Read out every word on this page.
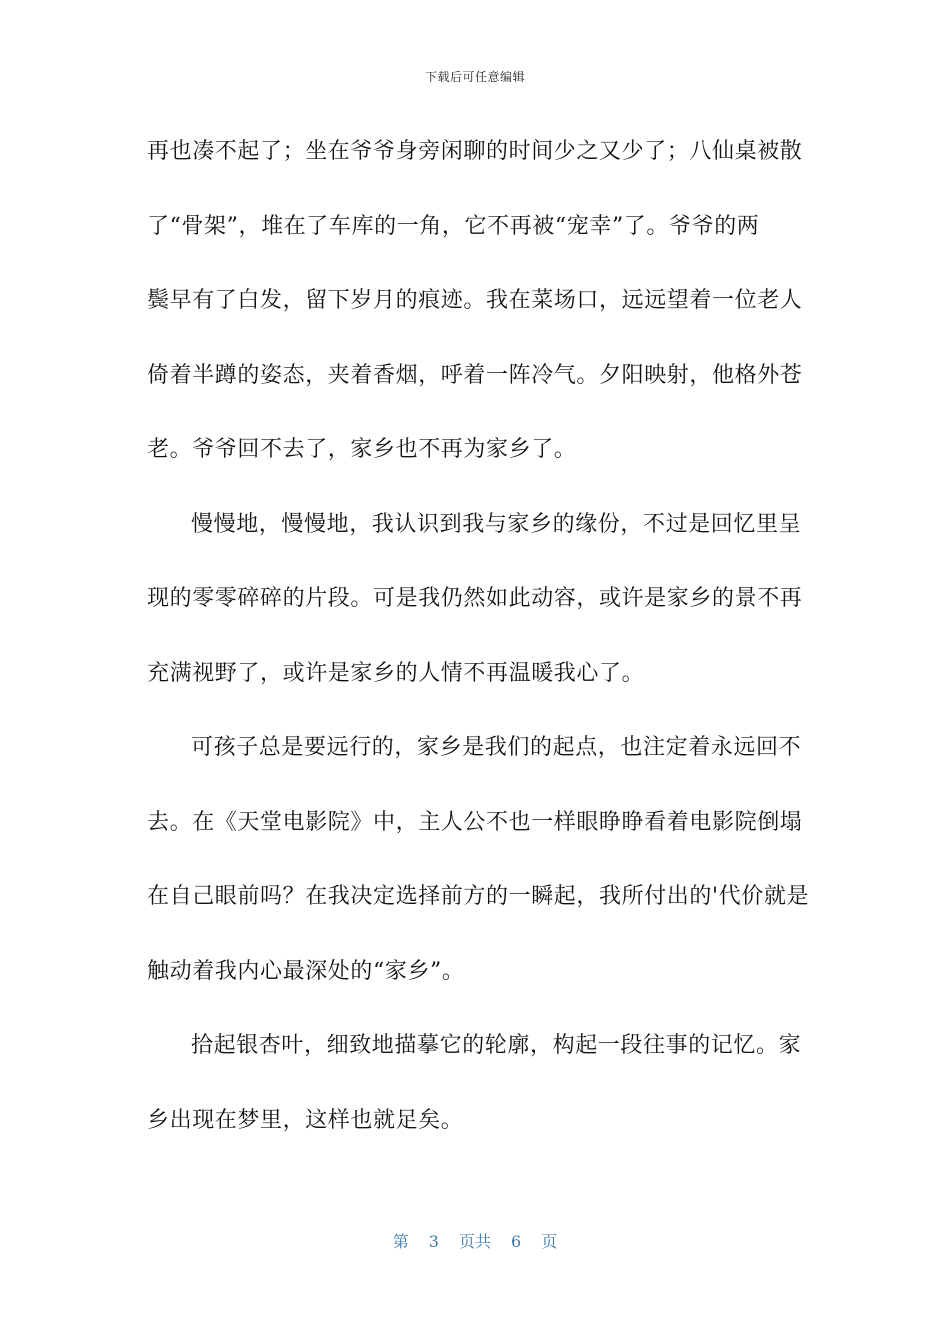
下载后可任意编辑
再也凑不起了；坐在爷爷身旁闲聊的时间少之又少了；八仙桌被散
了“骨架”，堆在了车库的一角，它不再被“宠幸”了。爷爷的两
鬓早有了白发，留下岁月的痕迹。我在菜场口，远远望着一位老人
倚着半蹲的姿态，夹着香烟，呼着一阵冷气。夕阳映射，他格外苍
老。爷爷回不去了，家乡也不再为家乡了。
慢慢地，慢慢地，我认识到我与家乡的缘份，不过是回忆里呈
现的零零碎碎的片段。可是我仍然如此动容，或许是家乡的景不再
充满视野了，或许是家乡的人情不再温暖我心了。
可孩子总是要远行的，家乡是我们的起点，也注定着永远回不
去。在《天堂电影院》中，主人公不也一样眼睁睁看着电影院倒塌
在自己眼前吗？在我决定选择前方的一瞬起，我所付出的'代价就是
触动着我内心最深处的“家乡”。
拾起银杏叶，细致地描摹它的轮廓，构起一段往事的记忆。家
乡出现在梦里，这样也就足矣。
第 3 页共 6 页
